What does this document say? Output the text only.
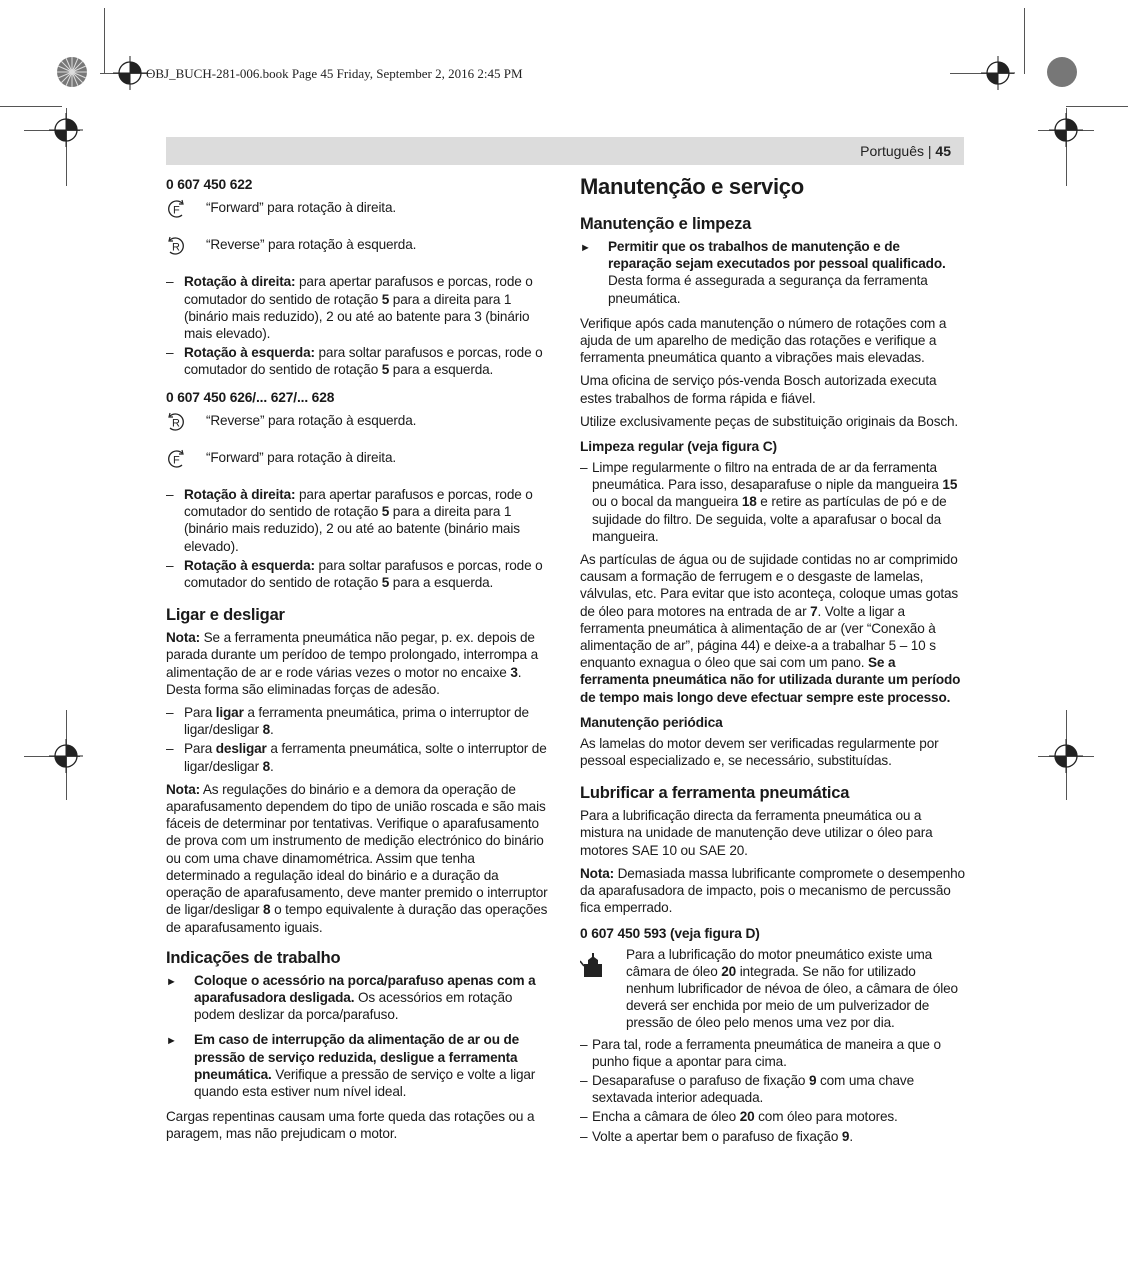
OBJ_BUCH-281-006.book Page 45 Friday, September 2, 2016 2:45 PM
Português | 45
0 607 450 622
F “Forward” para rotação à direita.
R “Reverse” para rotação à esquerda.
– Rotação à direita: para apertar parafusos e porcas, rode o comutador do sentido de rotação 5 para a direita para 1 (binário mais reduzido), 2 ou até ao batente para 3 (binário mais elevado).
– Rotação à esquerda: para soltar parafusos e porcas, rode o comutador do sentido de rotação 5 para a esquerda.
0 607 450 626/... 627/... 628
R “Reverse” para rotação à esquerda.
F “Forward” para rotação à direita.
– Rotação à direita: para apertar parafusos e porcas, rode o comutador do sentido de rotação 5 para a direita para 1 (binário mais reduzido), 2 ou até ao batente (binário mais elevado).
– Rotação à esquerda: para soltar parafusos e porcas, rode o comutador do sentido de rotação 5 para a esquerda.
Ligar e desligar

Nota: Se a ferramenta pneumática não pegar, p. ex. depois de parada durante um perídoo de tempo prolongado, interrompa a alimentação de ar e rode várias vezes o motor no encaixe 3. Desta forma são eliminadas forças de adesão.

– Para ligar a ferramenta pneumática, prima o interruptor de ligar/desligar 8.
– Para desligar a ferramenta pneumática, solte o interruptor de ligar/desligar 8.

Nota: As regulações do binário e a demora da operação de aparafusamento dependem do tipo de união roscada e são mais fáceis de determinar por tentativas. Verifique o aparafusamento de prova com um instrumento de medição electrónico do binário ou com uma chave dinamométrica. Assim que tenha determinado a regulação ideal do binário e a duração da operação de aparafusamento, deve manter premido o interruptor de ligar/desligar 8 o tempo equivalente à duração das operações de aparafusamento iguais.

Indicações de trabalho
►	Coloque o acessório na porca/parafuso apenas com a aparafusadora desligada. Os acessórios em rotação podem deslizar da porca/parafuso.
►	Em caso de interrupção da alimentação de ar ou de pressão de serviço reduzida, desligue a ferramenta pneumática. Verifique a pressão de serviço e volte a ligar quando esta estiver num nível ideal.

Cargas repentinas causam uma forte queda das rotações ou a paragem, mas não prejudicam o motor.

Manutenção e serviço
Manutenção e limpeza
►	Permitir que os trabalhos de manutenção e de reparação sejam executados por pessoal qualificado. Desta forma é assegurada a segurança da ferramenta pneumática.

Verifique após cada manutenção o número de rotações com a ajuda de um aparelho de medição das rotações e verifique a ferramenta pneumática quanto a vibrações mais elevadas.

Uma oficina de serviço pós-venda Bosch autorizada executa estes trabalhos de forma rápida e fiável.

Utilize exclusivamente peças de substituição originais da Bosch.

Limpeza regular (veja figura C)
– Limpe regularmente o filtro na entrada de ar da ferramenta pneumática. Para isso, desaparafuse o niple da mangueira 15 ou o bocal da mangueira 18 e retire as partículas de pó e de sujidade do filtro. De seguida, volte a aparafusar o bocal da mangueira.

As partículas de água ou de sujidade contidas no ar comprimido causam a formação de ferrugem e o desgaste de lamelas, válvulas, etc. Para evitar que isto aconteça, coloque umas gotas de óleo para motores na entrada de ar 7. Volte a ligar a ferramenta pneumática à alimentação de ar (ver “Conexão à alimentação de ar”, página 44) e deixe-a a trabalhar 5 – 10 s enquanto exnagua o óleo que sai com um pano. Se a ferramenta pneumática não for utilizada durante um período de tempo mais longo deve efectuar sempre este processo.

Manutenção periódica

As lamelas do motor devem ser verificadas regularmente por pessoal especializado e, se necessário, substituídas.

Lubrificar a ferramenta pneumática

Para a lubrificação directa da ferramenta pneumática ou a mistura na unidade de manutenção deve utilizar o óleo para motores SAE 10 ou SAE 20.

Nota: Demasiada massa lubrificante compromete o desempenho da aparafusadora de impacto, pois o mecanismo de percussão fica emperrado.

0 607 450 593 (veja figura D)
Para a lubrificação do motor pneumático existe uma câmara de óleo 20 integrada. Se não for utilizado nenhum lubrificador de névoa de óleo, a câmara de óleo deverá ser enchida por meio de um pulverizador de pressão de óleo pelo menos uma vez por dia.
– Para tal, rode a ferramenta pneumática de maneira a que o punho fique a apontar para cima.
– Desaparafuse o parafuso de fixação 9 com uma chave sextavada interior adequada.
– Encha a câmara de óleo 20 com óleo para motores.
– Volte a apertar bem o parafuso de fixação 9.
